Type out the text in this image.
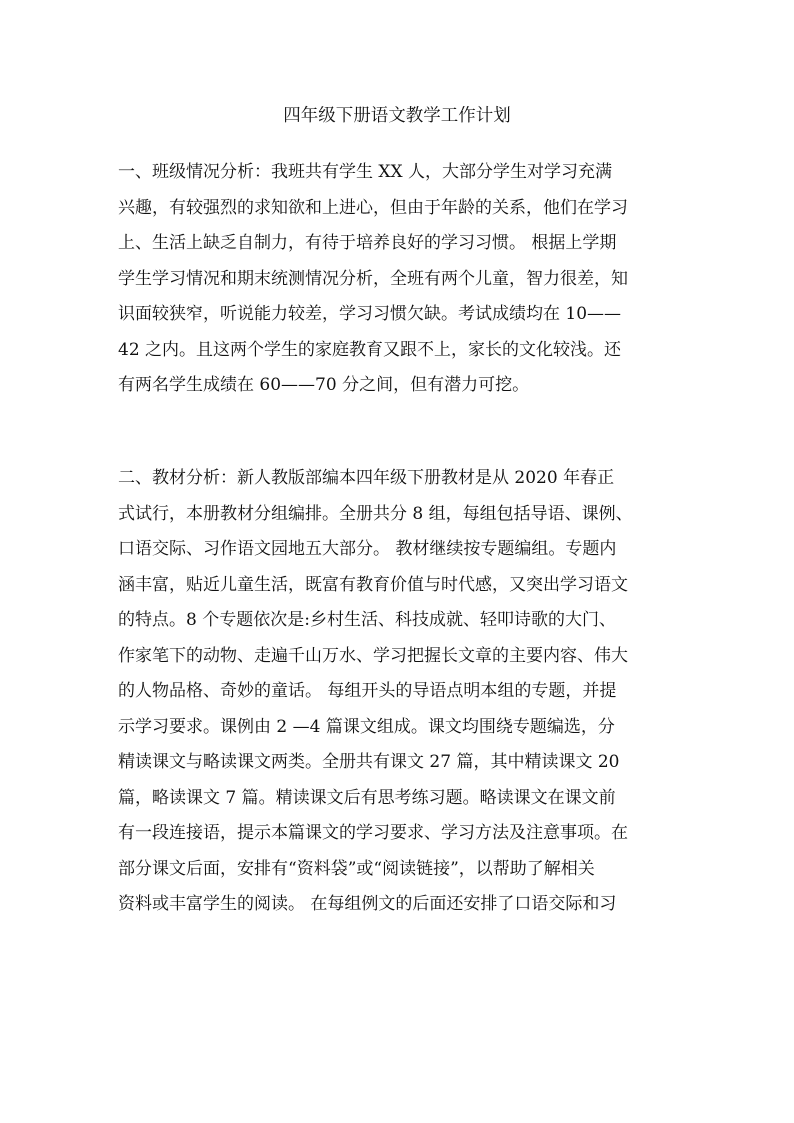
四年级下册语文教学工作计划
一、班级情况分析：我班共有学生 XX 人，大部分学生对学习充满
兴趣，有较强烈的求知欲和上进心，但由于年龄的关系，他们在学习
上、生活上缺乏自制力，有待于培养良好的学习习惯。 根据上学期
学生学习情况和期末统测情况分析，全班有两个儿童，智力很差，知
识面较狭窄，听说能力较差，学习习惯欠缺。考试成绩均在 10——
42 之内。且这两个学生的家庭教育又跟不上，家长的文化较浅。还
有两名学生成绩在 60——70 分之间，但有潜力可挖。
二、教材分析：新人教版部编本四年级下册教材是从 2020 年春正
式试行，本册教材分组编排。全册共分 8 组，每组包括导语、课例、
口语交际、习作语文园地五大部分。 教材继续按专题编组。专题内
涵丰富，贴近儿童生活，既富有教育价值与时代感，又突出学习语文
的特点。8 个专题依次是:乡村生活、科技成就、轻叩诗歌的大门、
作家笔下的动物、走遍千山万水、学习把握长文章的主要内容、伟大
的人物品格、奇妙的童话。 每组开头的导语点明本组的专题，并提
示学习要求。课例由 2 —4 篇课文组成。课文均围绕专题编选，分
精读课文与略读课文两类。全册共有课文 27 篇，其中精读课文 20
篇，略读课文 7 篇。精读课文后有思考练习题。略读课文在课文前
有一段连接语，提示本篇课文的学习要求、学习方法及注意事项。在
部分课文后面，安排有“资料袋”或“阅读链接”，以帮助了解相关
资料或丰富学生的阅读。 在每组例文的后面还安排了口语交际和习
